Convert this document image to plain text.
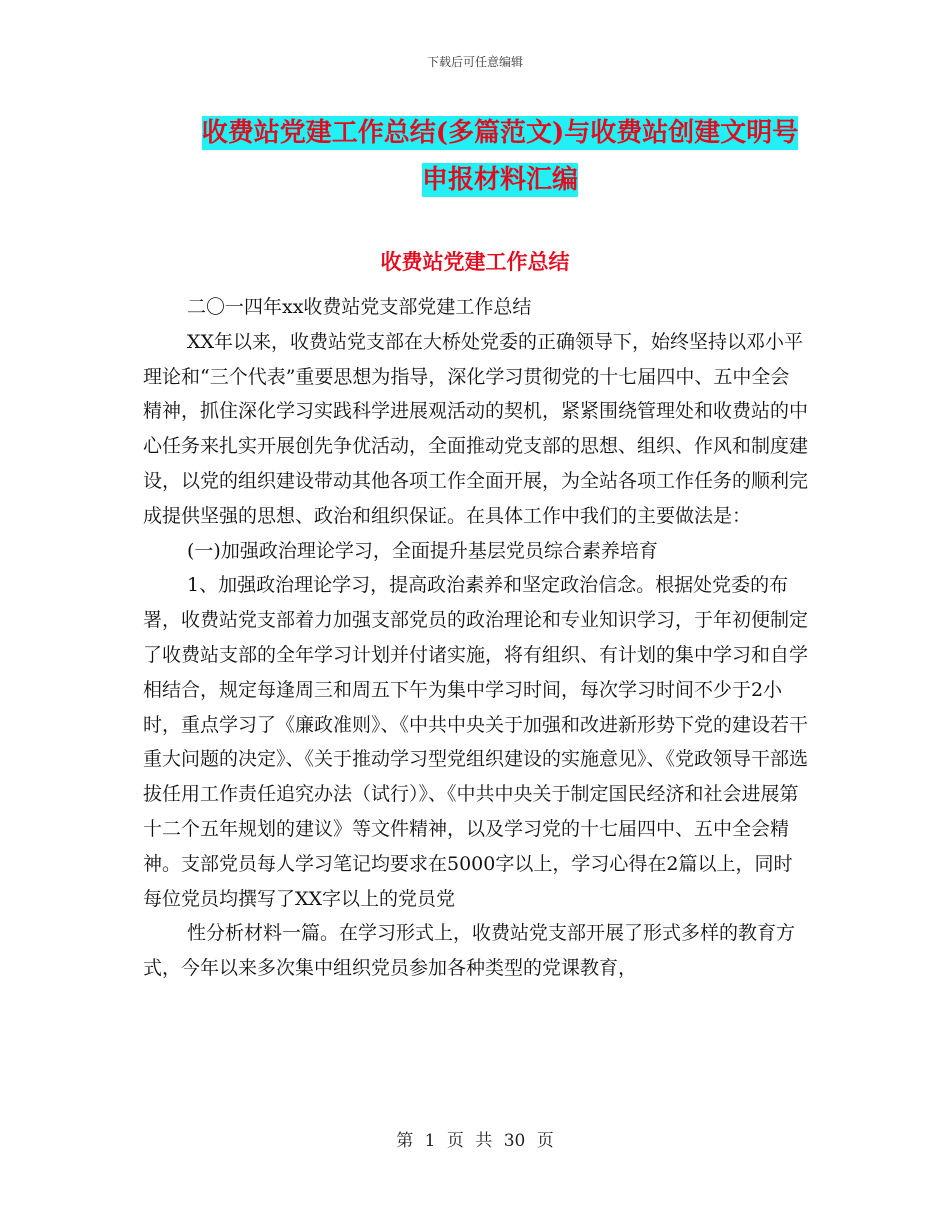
下载后可任意编辑
收费站党建工作总结(多篇范文)与收费站创建文明号
申报材料汇编
收费站党建工作总结

二〇一四年xx收费站党支部党建工作总结

XX年以来，收费站党支部在大桥处党委的正确领导下，始终坚持以邓小平理论和“三个代表”重要思想为指导，深化学习贯彻党的十七届四中、五中全会精神，抓住深化学习实践科学进展观活动的契机，紧紧围绕管理处和收费站的中心任务来扎实开展创先争优活动，全面推动党支部的思想、组织、作风和制度建设，以党的组织建设带动其他各项工作全面开展，为全站各项工作任务的顺利完成提供坚强的思想、政治和组织保证。在具体工作中我们的主要做法是：

(一)加强政治理论学习，全面提升基层党员综合素养培育

1、加强政治理论学习，提高政治素养和坚定政治信念。根据处党委的布署，收费站党支部着力加强支部党员的政治理论和专业知识学习，于年初便制定了收费站支部的全年学习计划并付诸实施，将有组织、有计划的集中学习和自学相结合，规定每逢周三和周五下午为集中学习时间，每次学习时间不少于2小时，重点学习了《廉政准则》、《中共中央关于加强和改进新形势下党的建设若干重大问题的决定》、《关于推动学习型党组织建设的实施意见》、《党政领导干部选拔任用工作责任追究办法（试行）》、《中共中央关于制定国民经济和社会进展第十二个五年规划的建议》等文件精神，以及学习党的十七届四中、五中全会精神。支部党员每人学习笔记均要求在5000字以上，学习心得在2篇以上，同时每位党员均撰写了XX字以上的党员党

性分析材料一篇。在学习形式上，收费站党支部开展了形式多样的教育方式，今年以来多次集中组织党员参加各种类型的党课教育，

第 1 页 共 30 页
